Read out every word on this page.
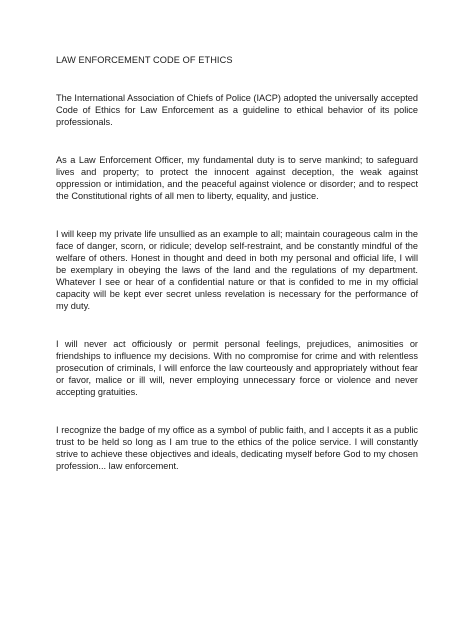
LAW ENFORCEMENT CODE OF ETHICS

The International Association of Chiefs of Police (IACP) adopted the universally accepted Code of Ethics for Law Enforcement as a guideline to ethical behavior of its police professionals.

As a Law Enforcement Officer, my fundamental duty is to serve mankind; to safeguard lives and property; to protect the innocent against deception, the weak against oppression or intimidation, and the peaceful against violence or disorder; and to respect the Constitutional rights of all men to liberty, equality, and justice.

I will keep my private life unsullied as an example to all; maintain courageous calm in the face of danger, scorn, or ridicule; develop self-restraint, and be constantly mindful of the welfare of others. Honest in thought and deed in both my personal and official life, I will be exemplary in obeying the laws of the land and the regulations of my department. Whatever I see or hear of a confidential nature or that is confided to me in my official capacity will be kept ever secret unless revelation is necessary for the performance of my duty.

I will never act officiously or permit personal feelings, prejudices, animosities or friendships to influence my decisions. With no compromise for crime and with relentless prosecution of criminals, I will enforce the law courteously and appropriately without fear or favor, malice or ill will, never employing unnecessary force or violence and never accepting gratuities.

I recognize the badge of my office as a symbol of public faith, and I accepts it as a public trust to be held so long as I am true to the ethics of the police service. I will constantly strive to achieve these objectives and ideals, dedicating myself before God to my chosen profession... law enforcement.
